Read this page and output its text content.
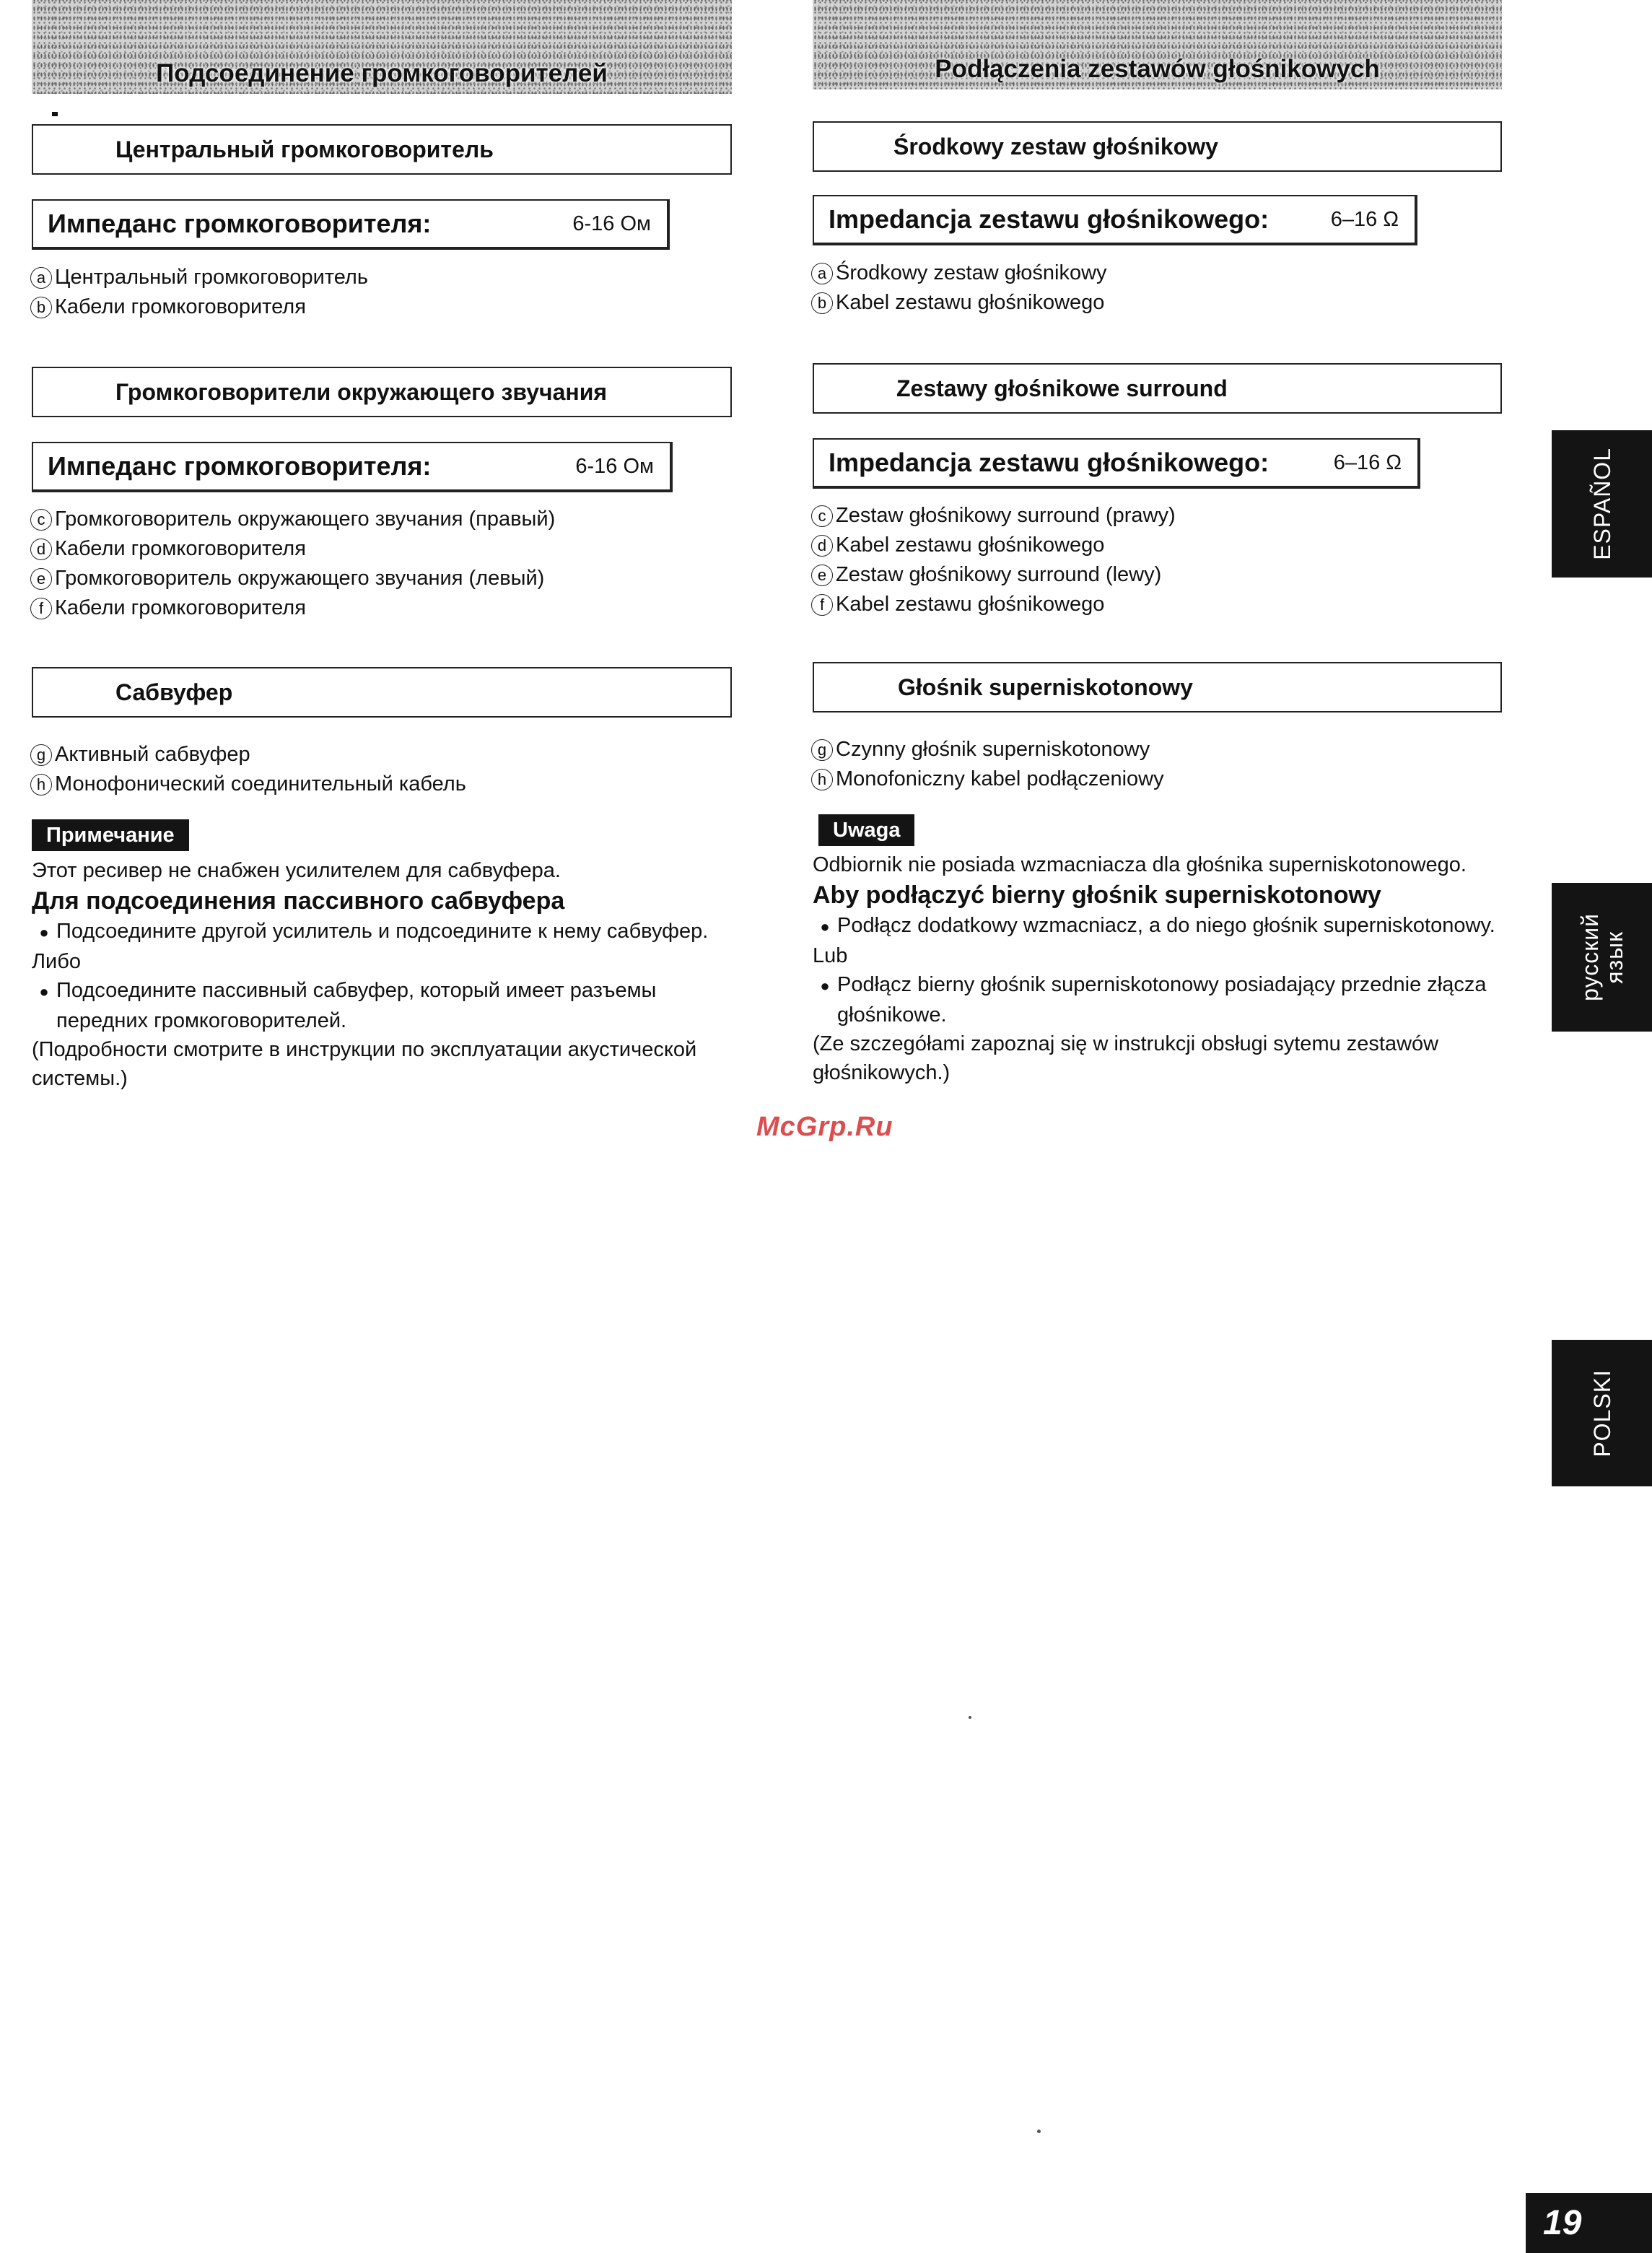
Подсоединение громкоговорителей
Центральный громкоговоритель
Импеданс громкоговорителя:	6-16 Ом
a Центральный громкоговоритель
b Кабели громкоговорителя
Громкоговорители окружающего звучания
Импеданс громкоговорителя:	6-16 Ом
c Громкоговоритель окружающего звучания (правый)
d Кабели громкоговорителя
e Громкоговоритель окружающего звучания (левый)
f Кабели громкоговорителя
Сабвуфер
g Активный сабвуфер
h Монофонический соединительный кабель
Примечание
Этот ресивер не снабжен усилителем для сабвуфера.
Для подсоединения пассивного сабвуфера
● Подсоедините другой усилитель и подсоедините к нему сабвуфер.
Либо
● Подсоедините пассивный сабвуфер, который имеет разъемы передних громкоговорителей.
(Подробности смотрите в инструкции по эксплуатации акустической системы.)
Podłączenia zestawów głośnikowych
Środkowy zestaw głośnikowy
Impedancja zestawu głośnikowego:	6–16 Ω
a Środkowy zestaw głośnikowy
b Kabel zestawu głośnikowego
Zestawy głośnikowe surround
Impedancja zestawu głośnikowego:	6–16 Ω
c Zestaw głośnikowy surround (prawy)
d Kabel zestawu głośnikowego
e Zestaw głośnikowy surround (lewy)
f Kabel zestawu głośnikowego
Głośnik superniskotonowy
g Czynny głośnik superniskotonowy
h Monofoniczny kabel podłączeniowy
Uwaga
Odbiornik nie posiada wzmacniacza dla głośnika superniskotonowego.
Aby podłączyć bierny głośnik superniskotonowy
● Podłącz dodatkowy wzmacniacz, a do niego głośnik superniskotonowy.
Lub
● Podłącz bierny głośnik superniskotonowy posiadający przednie złącza głośnikowe.
(Ze szczegółami zapoznaj się w instrukcji obsługi sytemu zestawów głośnikowych.)
ESPAÑOL
русский
язык
POLSKI
McGrp.Ru
19
